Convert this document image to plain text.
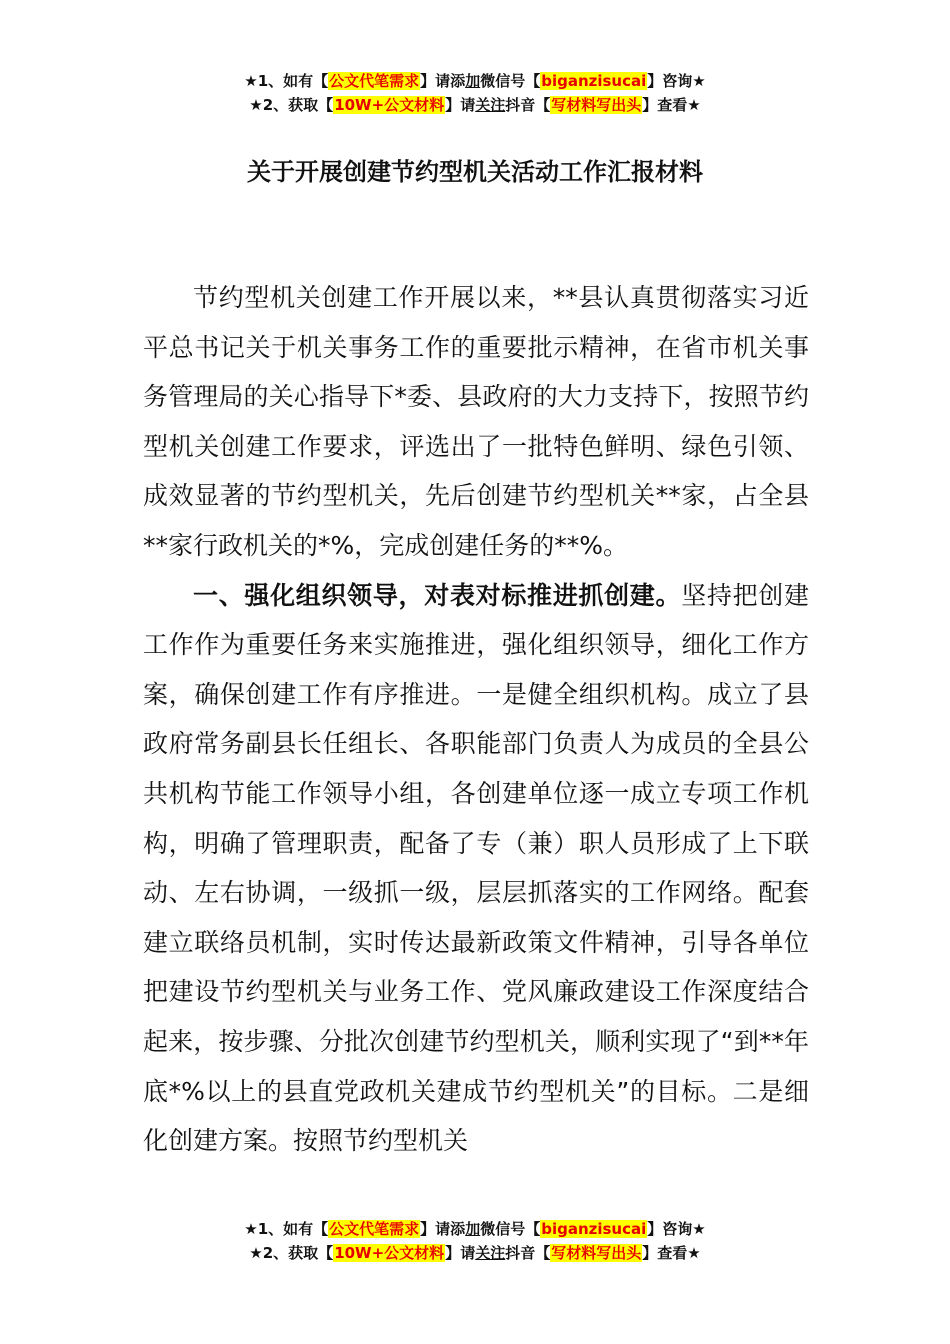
★1、如有【公文代笔需求】请添加微信号【biganzisucai】咨询★
★2、获取【10W+公文材料】请关注抖音【写材料写出头】查看★
关于开展创建节约型机关活动工作汇报材料

节约型机关创建工作开展以来，**县认真贯彻落实习近平总书记关于机关事务工作的重要批示精神，在省市机关事务管理局的关心指导下*委、县政府的大力支持下，按照节约型机关创建工作要求，评选出了一批特色鲜明、绿色引领、成效显著的节约型机关，先后创建节约型机关**家，占全县**家行政机关的*%，完成创建任务的**%。

一、强化组织领导，对表对标推进抓创建。坚持把创建工作作为重要任务来实施推进，强化组织领导，细化工作方案，确保创建工作有序推进。一是健全组织机构。成立了县政府常务副县长任组长、各职能部门负责人为成员的全县公共机构节能工作领导小组，各创建单位逐一成立专项工作机构，明确了管理职责，配备了专（兼）职人员形成了上下联动、左右协调，一级抓一级，层层抓落实的工作网络。配套建立联络员机制，实时传达最新政策文件精神，引导各单位把建设节约型机关与业务工作、党风廉政建设工作深度结合起来，按步骤、分批次创建节约型机关，顺利实现了“到**年底*%以上的县直党政机关建成节约型机关”的目标。二是细化创建方案。按照节约型机关

★1、如有【公文代笔需求】请添加微信号【biganzisucai】咨询★
★2、获取【10W+公文材料】请关注抖音【写材料写出头】查看★
